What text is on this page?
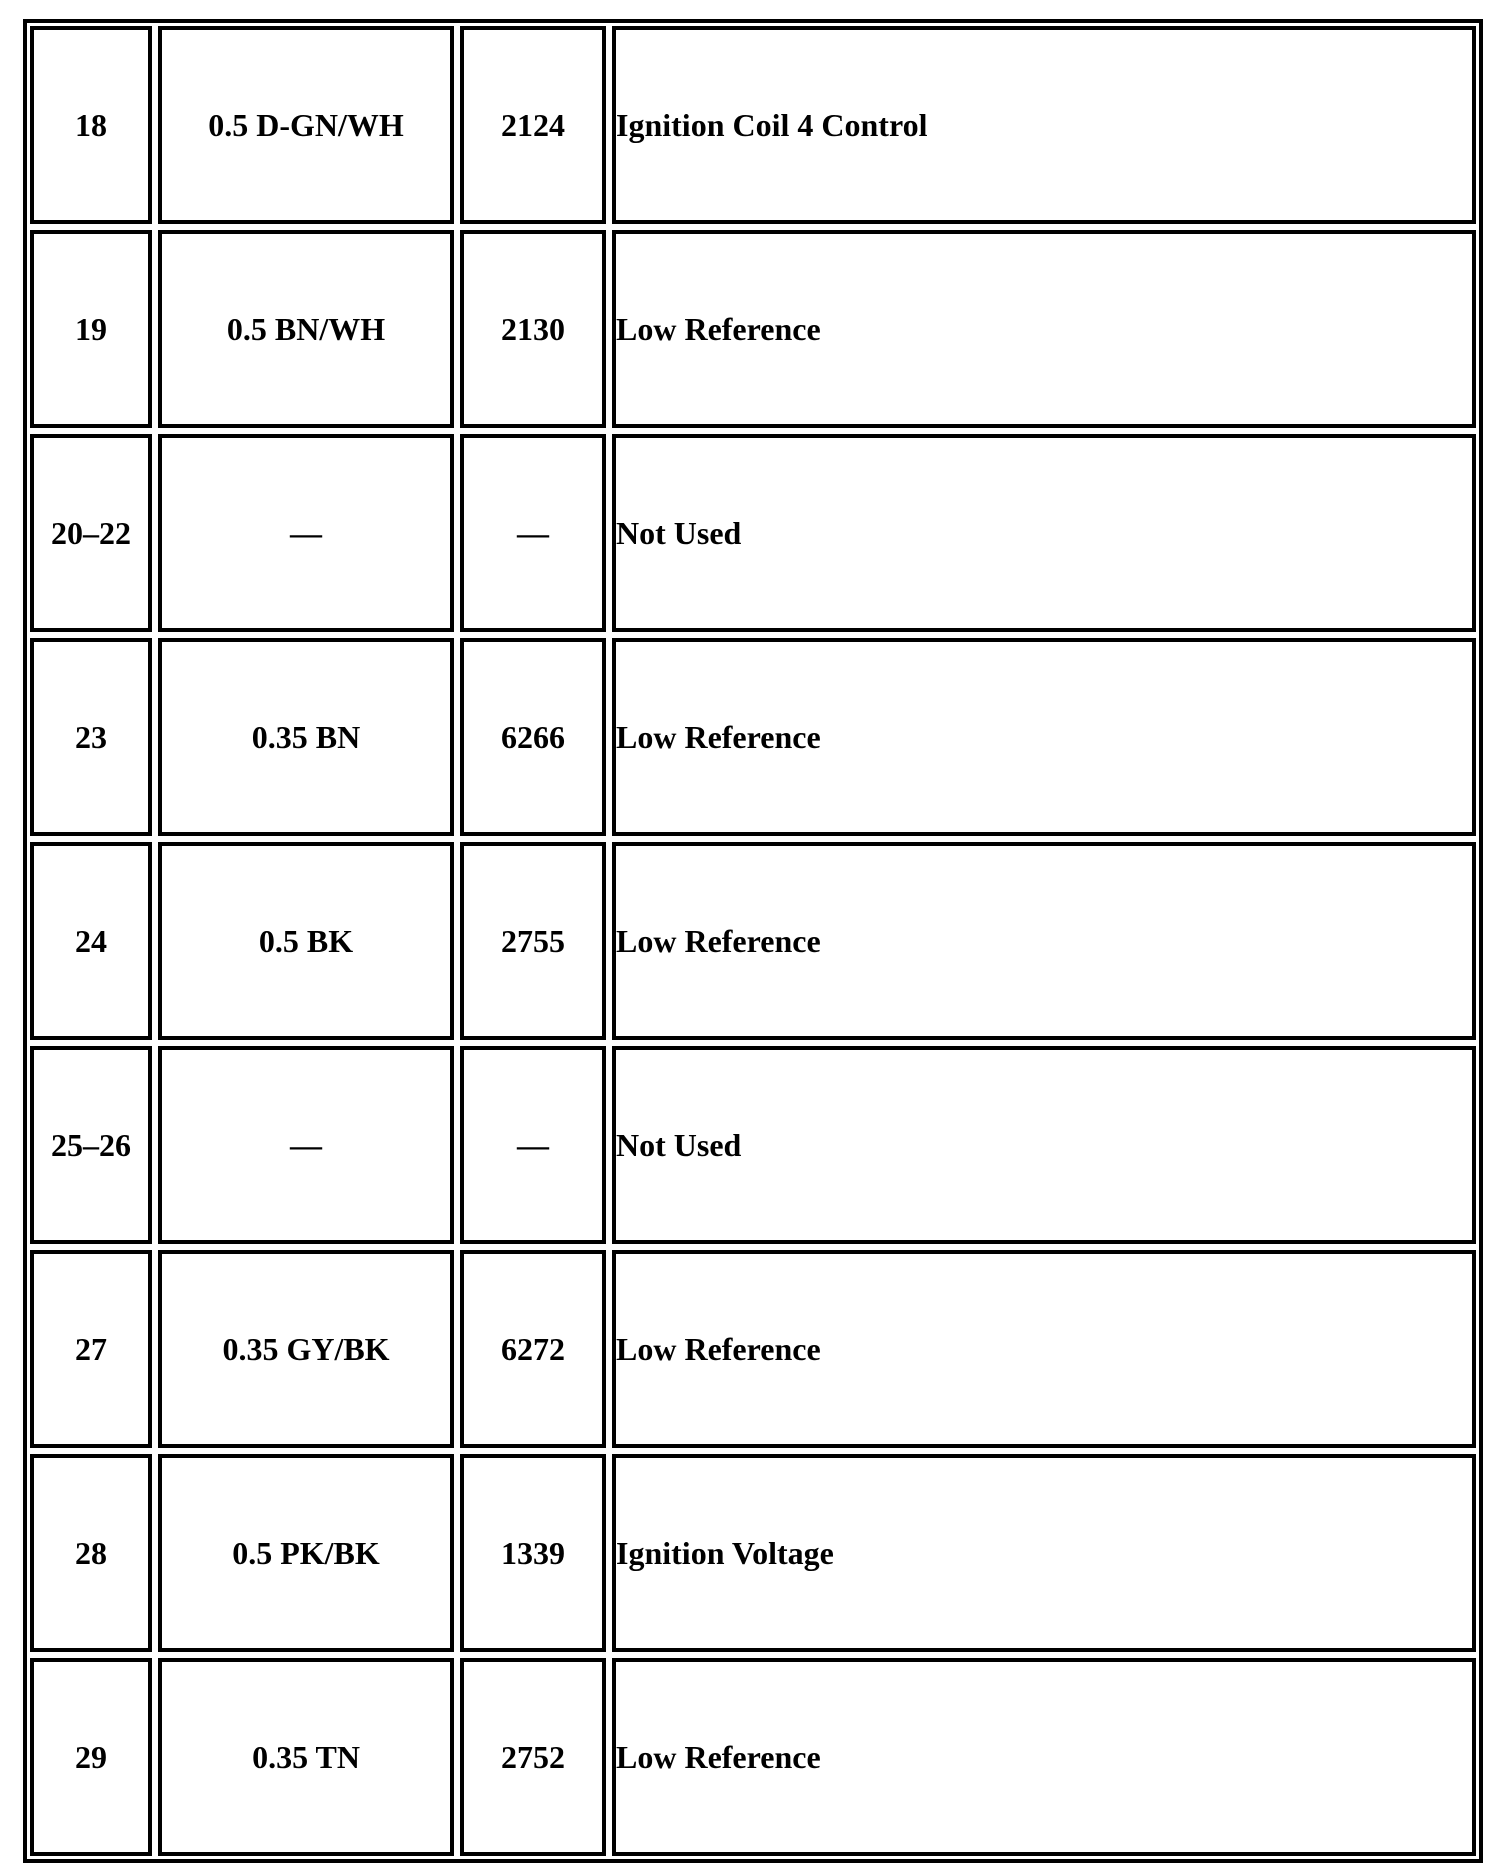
18	0.5 D-GN/WH	2124	Ignition Coil 4 Control
19	0.5 BN/WH	2130	Low Reference
20–22	—	—	Not Used
23	0.35 BN	6266	Low Reference
24	0.5 BK	2755	Low Reference
25–26	—	—	Not Used
27	0.35 GY/BK	6272	Low Reference
28	0.5 PK/BK	1339	Ignition Voltage
29	0.35 TN	2752	Low Reference
